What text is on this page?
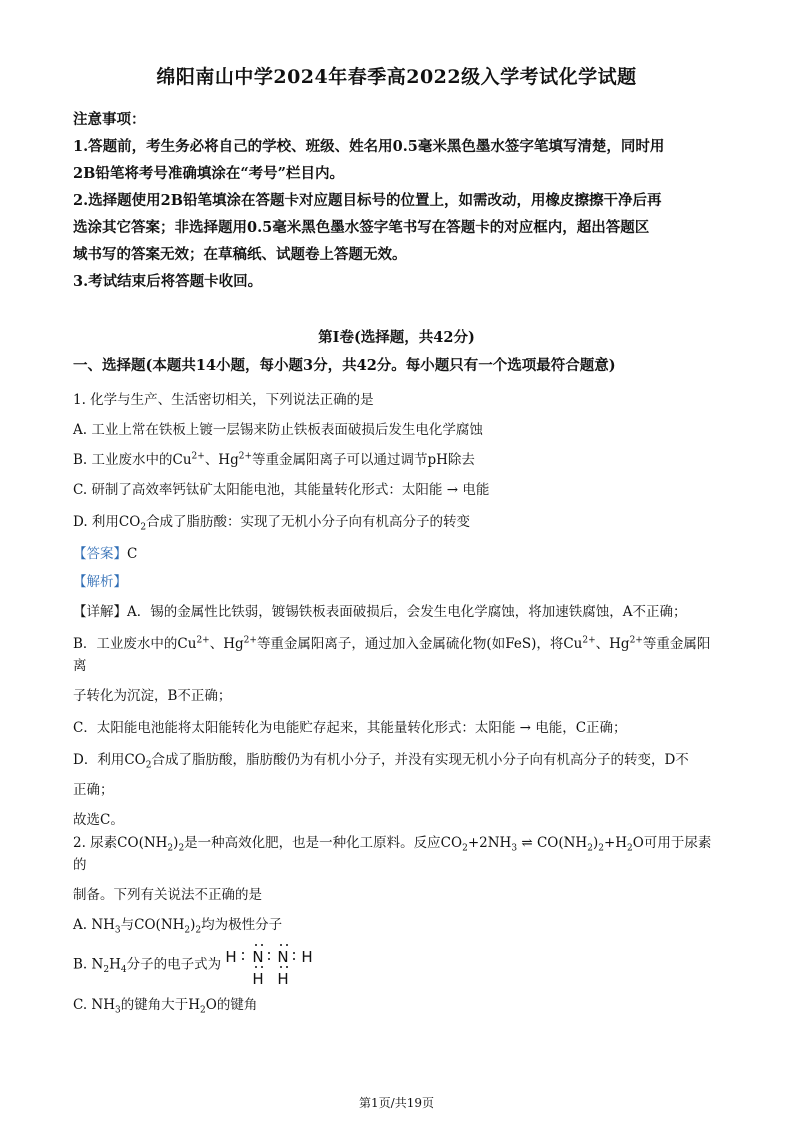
绵阳南山中学2024年春季高2022级入学考试化学试题

注意事项：

1.答题前，考生务必将自己的学校、班级、姓名用0.5毫米黑色墨水签字笔填写清楚，同时用

2B铅笔将考号准确填涂在“考号”栏目内。

2.选择题使用2B铅笔填涂在答题卡对应题目标号的位置上，如需改动，用橡皮擦擦干净后再

选涂其它答案；非选择题用0.5毫米黑色墨水签字笔书写在答题卡的对应框内，超出答题区

域书写的答案无效；在草稿纸、试题卷上答题无效。

3.考试结束后将答题卡收回。

第Ⅰ卷(选择题，共42分)
一、选择题(本题共14小题，每小题3分，共42分。每小题只有一个选项最符合题意)

1. 化学与生产、生活密切相关，下列说法正确的是

A. 工业上常在铁板上镀一层锡来防止铁板表面破损后发生电化学腐蚀

B. 工业废水中的$Cu^{2+}$、$Hg^{2+}$等重金属阳离子可以通过调节pH除去

C. 研制了高效率钙钛矿太阳能电池，其能量转化形式：太阳能 → 电能

D. 利用$CO_2$合成了脂肪酸：实现了无机小分子向有机高分子的转变

【答案】C

【解析】

【详解】A．锡的金属性比铁弱，镀锡铁板表面破损后，会发生电化学腐蚀，将加速铁腐蚀，A不正确；

B．工业废水中的$Cu^{2+}$、$Hg^{2+}$等重金属阳离子，通过加入金属硫化物(如FeS)，将$Cu^{2+}$、$Hg^{2+}$等重金属阳离

子转化为沉淀，B不正确；

C．太阳能电池能将太阳能转化为电能贮存起来，其能量转化形式：太阳能 → 电能，C正确；

D．利用$CO_2$合成了脂肪酸，脂肪酸仍为有机小分子，并没有实现无机小分子向有机高分子的转变，D不

正确；

故选C。

2. 尿素$CO(NH_2)_2$是一种高效化肥，也是一种化工原料。反应$CO_2+2NH_3$ ⇌ $CO(NH_2)_2+H_2O$可用于尿素的

制备。下列有关说法不正确的是

A. $NH_3$与$CO(NH_2)_2$均为极性分子

B. $N_2H_4$分子的电子式为 H N N H
H H

C. $NH_3$的键角大于$H_2O$的键角

第1页/共19页
